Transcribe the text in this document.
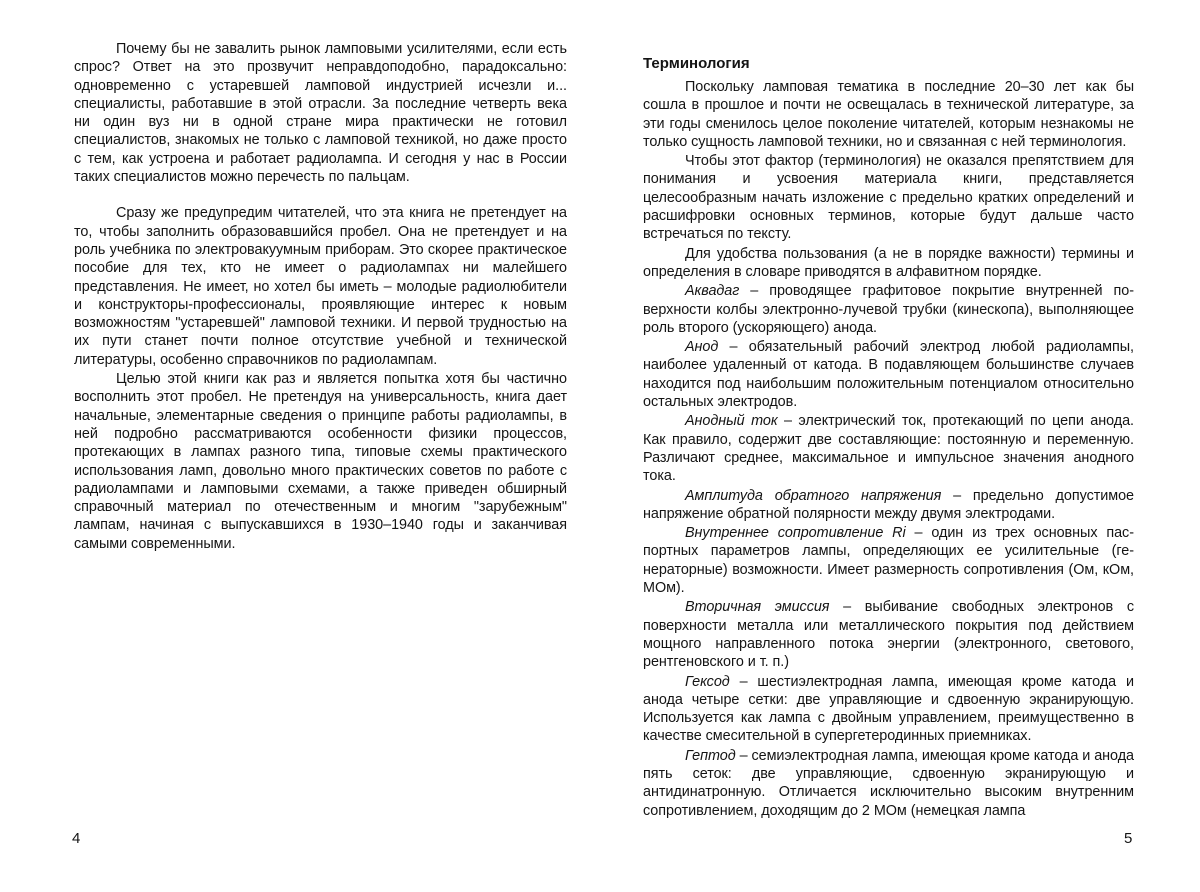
Почему бы не завалить рынок ламповыми усилителями, если есть спрос? Ответ на это прозвучит неправдоподобно, парадоксально: одновременно с устаревшей ламповой индустрией исчезли и... специалисты, работавшие в этой отрасли. За последние четверть века ни один вуз ни в одной стране мира практически не готовил специалистов, знакомых не только с ламповой техникой, но даже просто с тем, как устроена и работает радиолампа. И сегодня у нас в России таких специалистов можно перечесть по пальцам.

Сразу же предупредим читателей, что эта книга не претендует на то, чтобы заполнить образовавшийся пробел. Она не претендует и на роль учебника по электровакуумным приборам. Это скорее практическое пособие для тех, кто не имеет о радиолампах ни малейшего представления. Не имеет, но хотел бы иметь – молодые радиолюбители и конструкторы-профессионалы, проявляющие интерес к новым возможностям "устаревшей" ламповой техники. И первой трудностью на их пути станет почти полное отсутствие учебной и технической литературы, особенно справочников по радиолампам.

Целью этой книги как раз и является попытка хотя бы частично восполнить этот пробел. Не претендуя на универсальность, книга дает начальные, элементарные сведения о принципе работы радиолампы, в ней подробно рассматриваются особенности физики процессов, протекающих в лампах разного типа, типовые схемы практического использования ламп, довольно много практических советов по работе с радиолампами и ламповыми схемами, а также приведен обширный справочный материал по отечественным и многим "зарубежным" лампам, начиная с выпускавшихся в 1930–1940 годы и заканчивая самыми современными.

Терминология

Поскольку ламповая тематика в последние 20–30 лет как бы сошла в прошлое и почти не освещалась в технической литературе, за эти годы сменилось целое поколение читателей, которым незнакомы не только сущность ламповой техники, но и связанная с ней терминология.

Чтобы этот фактор (терминология) не оказался препятствием для понимания и усвоения материала книги, представляется целесообразным начать изложение с предельно кратких определений и расшифровки основных терминов, которые будут дальше часто встречаться по тексту.

Для удобства пользования (а не в порядке важности) термины и определения в словаре приводятся в алфавитном порядке.

Аквадаг – проводящее графитовое покрытие внутренней поверхности колбы электронно-лучевой трубки (кинескопа), выполняющее роль второго (ускоряющего) анода.

Анод – обязательный рабочий электрод любой радиолампы, наиболее удаленный от катода. В подавляющем большинстве случаев находится под наибольшим положительным потенциалом относительно остальных электродов.

Анодный ток – электрический ток, протекающий по цепи анода. Как правило, содержит две составляющие: постоянную и переменную. Различают среднее, максимальное и импульсное значения анодного тока.

Амплитуда обратного напряжения – предельно допустимое напряжение обратной полярности между двумя электродами.

Внутреннее сопротивление Ri – один из трех основных паспортных параметров лампы, определяющих ее усилительные (генераторные) возможности. Имеет размерность сопротивления (Ом, кОм, МОм).

Вторичная эмиссия – выбивание свободных электронов с поверхности металла или металлического покрытия под действием мощного направленного потока энергии (электронного, светового, рентгеновского и т. п.)

Гексод – шестиэлектродная лампа, имеющая кроме катода и анода четыре сетки: две управляющие и сдвоенную экранирующую. Используется как лампа с двойным управлением, преимущественно в качестве смесительной в супергетеродинных приемниках.

Гептод – семиэлектродная лампа, имеющая кроме катода и анода пять сеток: две управляющие, сдвоенную экранирующую и антидинатронную. Отличается исключительно высоким внутренним сопротивлением, доходящим до 2 МОм (немецкая лампа

4	5
